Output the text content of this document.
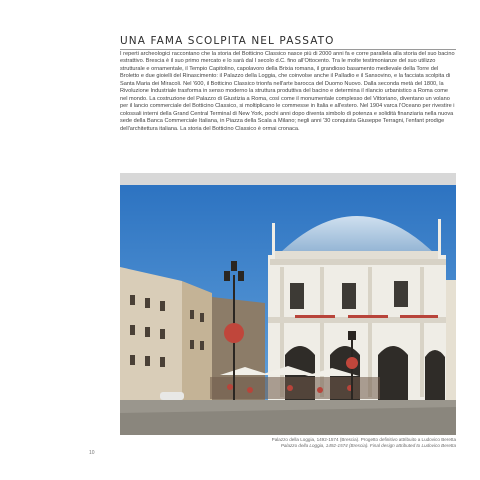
UNA FAMA SCOLPITA NEL PASSATO

I reperti archeologici raccontano che la storia del Botticino Classico nasce più di 2000 anni fa e corre parallela alla storia del suo bacino estrattivo. Brescia è il suo primo mercato e lo sarà dal I secolo d.C. fino all'Ottocento. Tra le molte testimonianze del suo utilizzo strutturale e ornamentale, il Tempio Capitolino, capolavoro della Brixia romana, il grandioso basamento medievale della Torre del Broletto e due gioielli del Rinascimento: il Palazzo della Loggia, che coinvolse anche il Palladio e il Sansovino, e la facciata scolpita di Santa Maria dei Miracoli. Nel '600, il Botticino Classico trionfa nell'arte barocca del Duomo Nuovo. Dalla seconda metà del 1800, la Rivoluzione Industriale trasforma in senso moderno la struttura produttiva del bacino e determina il rilancio urbanistico a Roma come nel mondo. La costruzione del Palazzo di Giustizia a Roma, così come il monumentale complesso del Vittoriano, diventano un volano per il lancio commerciale del Botticino Classico, si moltiplicano le commesse in Italia e all'estero. Nel 1904 varca l'Oceano per rivestire i colossali interni della Grand Central Terminal di New York, pochi anni dopo diventa simbolo di potenza e solidità finanziaria nella nuova sede della Banca Commerciale Italiana, in Piazza della Scala a Milano; negli anni '30 conquista Giuseppe Terragni, l'enfant prodige dell'architettura italiana. La storia del Botticino Classico è ormai cronaca.

Palazzo della Loggia, 1492-1574 (Brescia). Progetto definitivo attribuito a Ludovico Beretta
Palazzo della Loggia, 1492-1574 (Brescia). Final design attributed to Ludovico Beretta
10
